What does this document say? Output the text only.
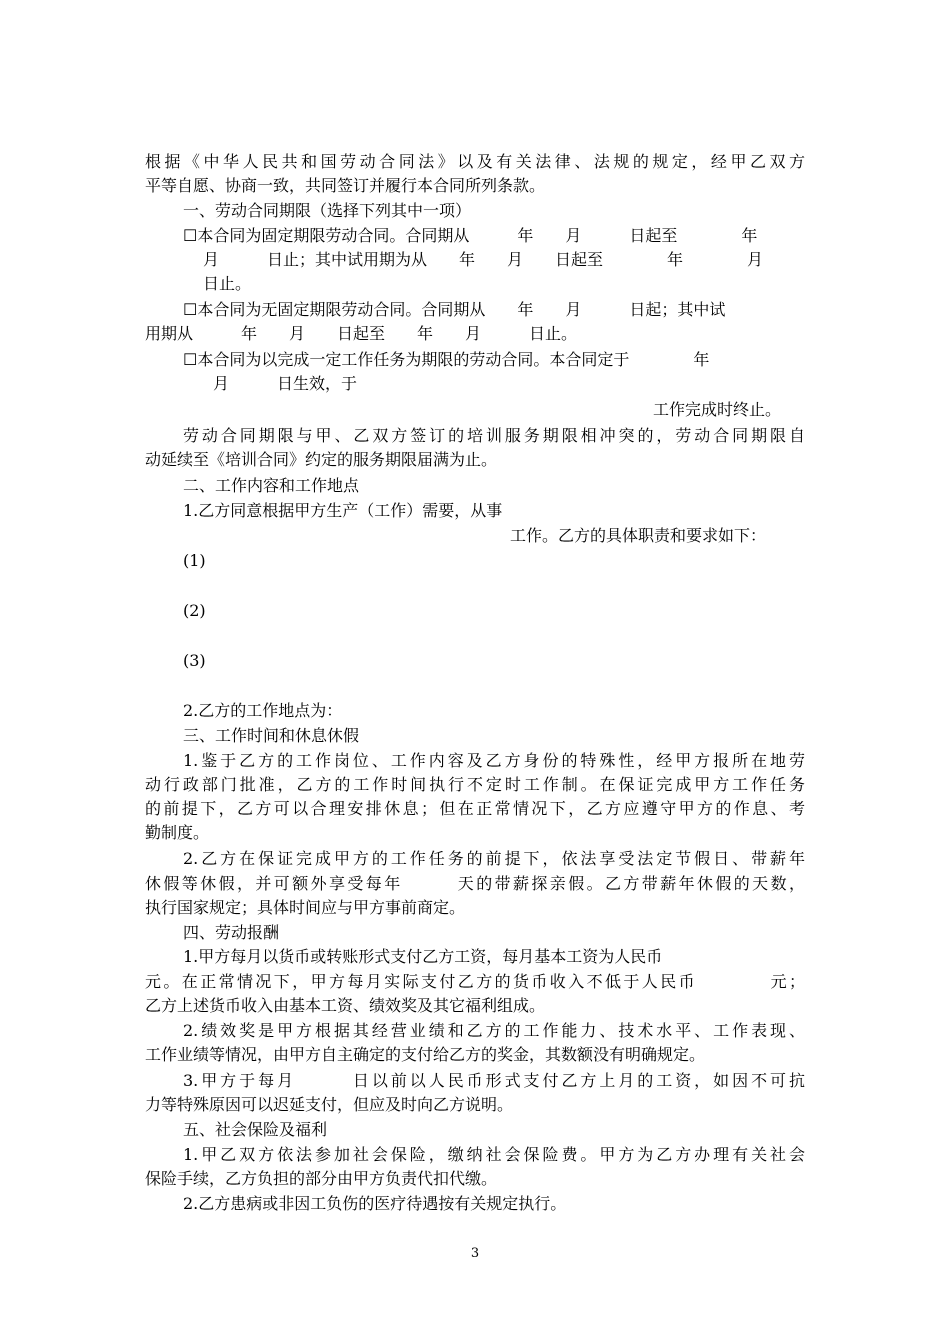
根据《中华人民共和国劳动合同法》以及有关法律、法规的规定，经甲乙双方
平等自愿、协商一致，共同签订并履行本合同所列条款。
一、劳动合同期限（选择下列其中一项）
☐本合同为固定期限劳动合同。合同期从　　　年　　月　　　日起至　　　　年
月　　　日止；其中试用期为从　　年　　月　　日起至　　　　年　　　　月
日止。
☐本合同为无固定期限劳动合同。合同期从　　年　　月　　　日起；其中试
用期从　　　年　　月　　日起至　　年　　月　　　日止。
☐本合同为以完成一定工作任务为期限的劳动合同。本合同定于　　　　年
月　　　日生效，于
工作完成时终止。
劳动合同期限与甲、乙双方签订的培训服务期限相冲突的，劳动合同期限自
动延续至《培训合同》约定的服务期限届满为止。
二、工作内容和工作地点
1.乙方同意根据甲方生产（工作）需要，从事
工作。乙方的具体职责和要求如下：
(1)
(2)
(3)
2.乙方的工作地点为：
三、工作时间和休息休假
1.鉴于乙方的工作岗位、工作内容及乙方身份的特殊性，经甲方报所在地劳
动行政部门批准，乙方的工作时间执行不定时工作制。在保证完成甲方工作任务
的前提下，乙方可以合理安排休息；但在正常情况下，乙方应遵守甲方的作息、考
勤制度。
2.乙方在保证完成甲方的工作任务的前提下，依法享受法定节假日、带薪年
休假等休假，并可额外享受每年　　　天的带薪探亲假。乙方带薪年休假的天数，
执行国家规定；具体时间应与甲方事前商定。
四、劳动报酬
1.甲方每月以货币或转账形式支付乙方工资，每月基本工资为人民币
元。在正常情况下，甲方每月实际支付乙方的货币收入不低于人民币　　　　元；
乙方上述货币收入由基本工资、绩效奖及其它福利组成。
2.绩效奖是甲方根据其经营业绩和乙方的工作能力、技术水平、工作表现、
工作业绩等情况，由甲方自主确定的支付给乙方的奖金，其数额没有明确规定。
3.甲方于每月　　　日以前以人民币形式支付乙方上月的工资，如因不可抗
力等特殊原因可以迟延支付，但应及时向乙方说明。
五、社会保险及福利
1.甲乙双方依法参加社会保险，缴纳社会保险费。甲方为乙方办理有关社会
保险手续，乙方负担的部分由甲方负责代扣代缴。
2.乙方患病或非因工负伤的医疗待遇按有关规定执行。
3
